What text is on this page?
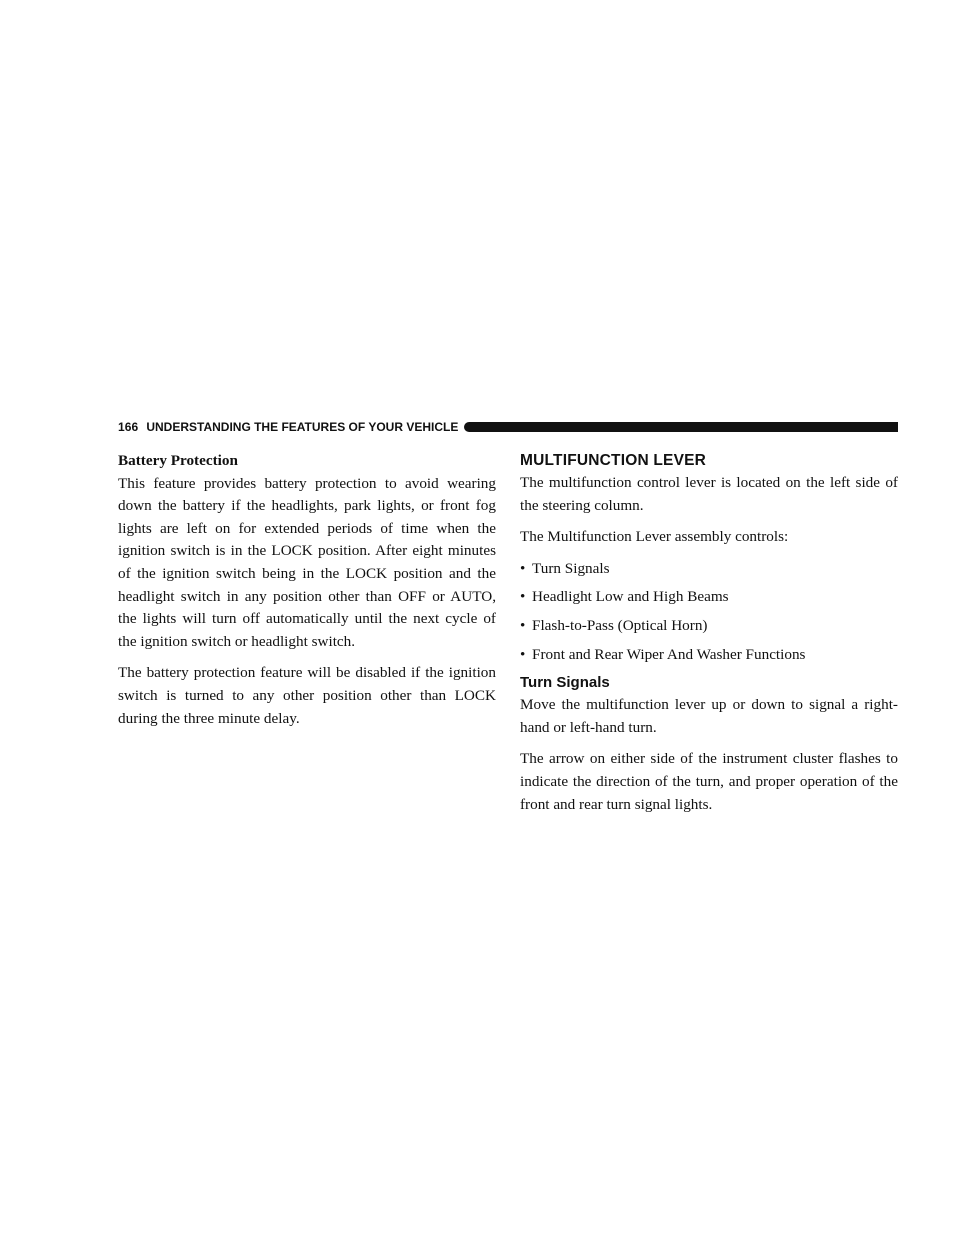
166 UNDERSTANDING THE FEATURES OF YOUR VEHICLE
Battery Protection

This feature provides battery protection to avoid wearing down the battery if the headlights, park lights, or front fog lights are left on for extended periods of time when the ignition switch is in the LOCK position. After eight minutes of the ignition switch being in the LOCK position and the headlight switch in any position other than OFF or AUTO, the lights will turn off automatically until the next cycle of the ignition switch or headlight switch.

The battery protection feature will be disabled if the ignition switch is turned to any other position other than LOCK during the three minute delay.

MULTIFUNCTION LEVER

The multifunction control lever is located on the left side of the steering column.

The Multifunction Lever assembly controls:

• Turn Signals
• Headlight Low and High Beams
• Flash-to-Pass (Optical Horn)
• Front and Rear Wiper And Washer Functions
Turn Signals

Move the multifunction lever up or down to signal a right-hand or left-hand turn.

The arrow on either side of the instrument cluster flashes to indicate the direction of the turn, and proper operation of the front and rear turn signal lights.
